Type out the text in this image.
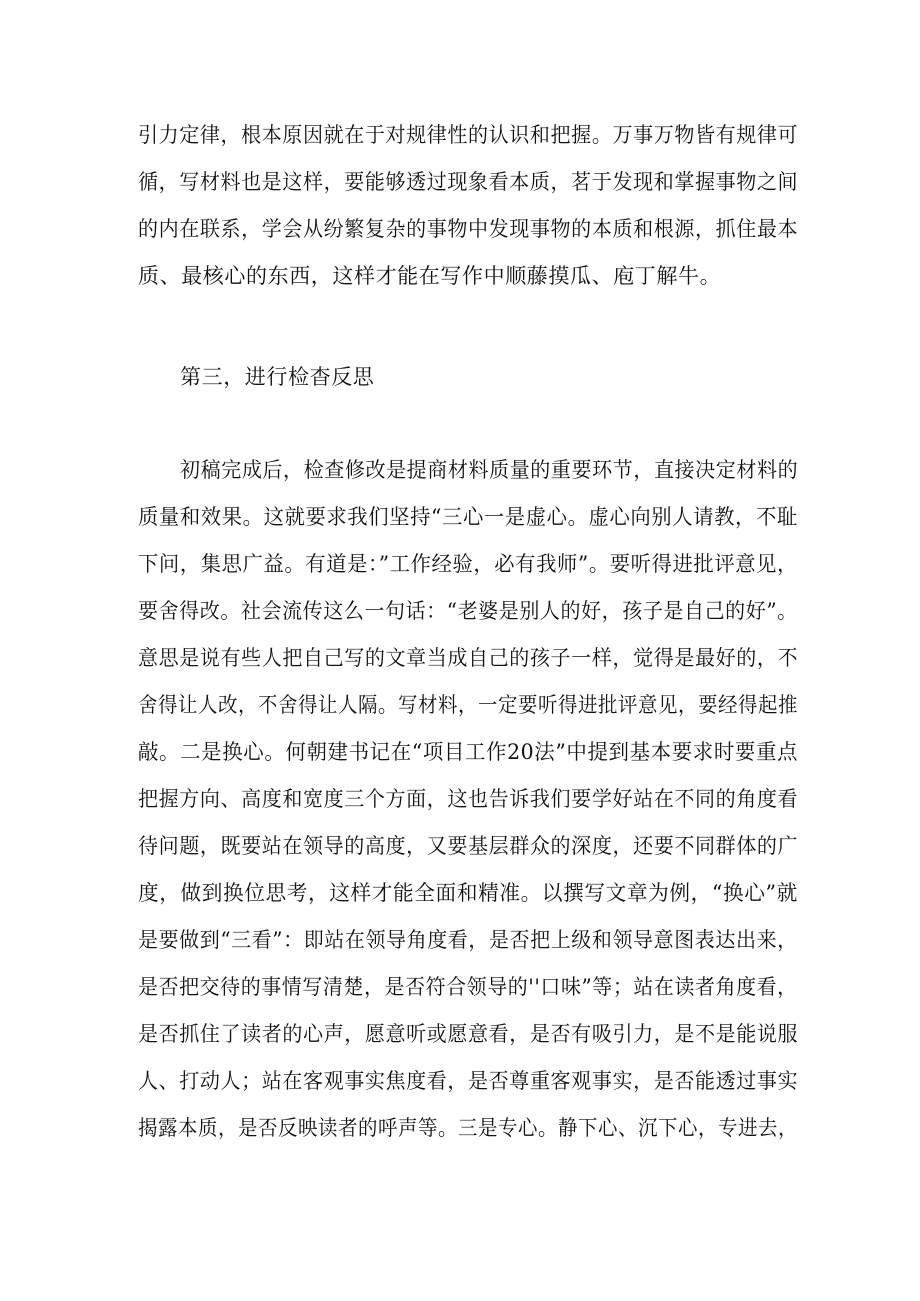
引力定律，根本原因就在于对规律性的认识和把握。万事万物皆有规律可
循，写材料也是这样，要能够透过现象看本质，茗于发现和掌握事物之间
的内在联系，学会从纷繁复杂的事物中发现事物的本质和根源，抓住最本
质、最核心的东西，这样才能在写作中顺藤摸瓜、庖丁解牛。
第三，进行检杳反思
初稿完成后，检查修改是提商材料质量的重要环节，直接决定材料的
质量和效果。这就要求我们坚持“三心一是虚心。虚心向别人请教，不耻
下问，集思广益。有道是：”工作经验，必有我师”。要听得进批评意见，
要舍得改。社会流传这么一句话：“老婆是别人的好，孩子是自己的好”。
意思是说有些人把自己写的文章当成自己的孩子一样，觉得是最好的，不
舍得让人改，不舍得让人隔。写材料，一定要听得进批评意见，要经得起推
敲。二是换心。何朝建书记在“项目工作20法”中提到基本要求时要重点
把握方向、高度和宽度三个方面，这也告诉我们要学好站在不同的角度看
待问题，既要站在领导的高度，又要基层群众的深度，还要不同群体的广
度，做到换位思考，这样才能全面和精准。以撰写文章为例，“换心”就
是要做到“三看”：即站在领导角度看，是否把上级和领导意图表达出来，
是否把交待的事情写清楚，是否符合领导的''口味”等；站在读者角度看，
是否抓住了读者的心声，愿意听或愿意看，是否有吸引力，是不是能说服
人、打动人；站在客观事实焦度看，是否尊重客观事实，是否能透过事实
揭露本质，是否反映读者的呼声等。三是专心。静下心、沉下心，专进去，
